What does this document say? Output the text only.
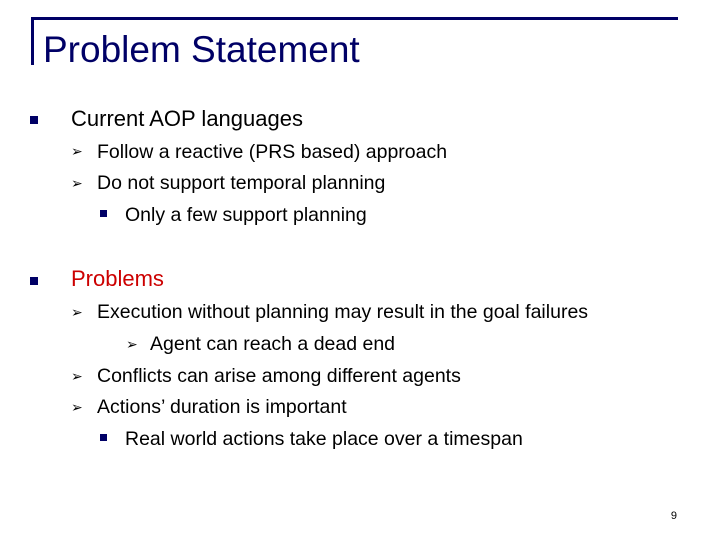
Problem Statement
Current AOP languages
➢ Follow a reactive (PRS based) approach
➢ Do not support temporal planning
Only a few support planning
Problems
➢ Execution without planning may result in the goal failures
➢ Agent can reach a dead end
➢ Conflicts can arise among different agents
➢ Actions’ duration is important
Real world actions take place over a timespan
9
